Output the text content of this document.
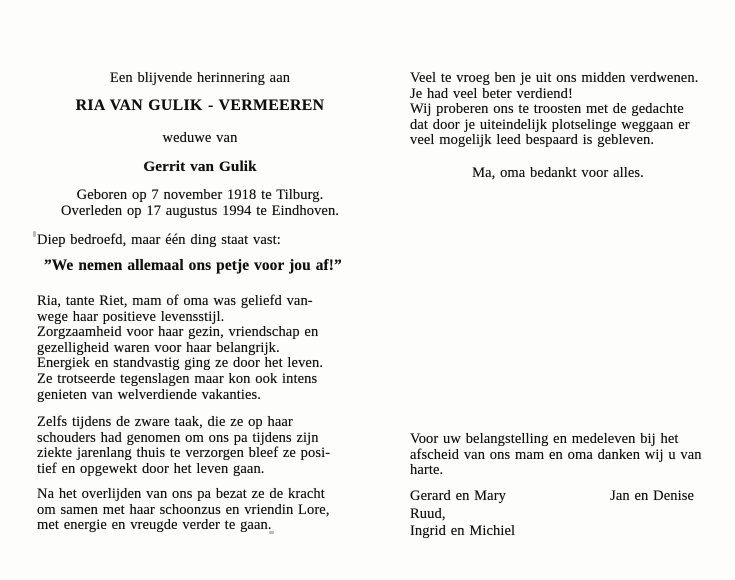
Een blijvende herinnering aan
RIA VAN GULIK - VERMEEREN
weduwe van
Gerrit van Gulik
Geboren op 7 november 1918 te Tilburg.
Overleden op 17 augustus 1994 te Eindhoven.
Diep bedroefd, maar één ding staat vast:
”We nemen allemaal ons petje voor jou af!”
Ria, tante Riet, mam of oma was geliefd van-
wege haar positieve levensstijl.
Zorgzaamheid voor haar gezin, vriendschap en
gezelligheid waren voor haar belangrijk.
Energiek en standvastig ging ze door het leven.
Ze trotseerde tegenslagen maar kon ook intens
genieten van welverdiende vakanties.
Zelfs tijdens de zware taak, die ze op haar
schouders had genomen om ons pa tijdens zijn
ziekte jarenlang thuis te verzorgen bleef ze posi-
tief en opgewekt door het leven gaan.
Na het overlijden van ons pa bezat ze de kracht
om samen met haar schoonzus en vriendin Lore,
met energie en vreugde verder te gaan.
Veel te vroeg ben je uit ons midden verdwenen.
Je had veel beter verdiend!
Wij proberen ons te troosten met de gedachte
dat door je uiteindelijk plotselinge weggaan er
veel mogelijk leed bespaard is gebleven.
Ma, oma bedankt voor alles.
Voor uw belangstelling en medeleven bij het
afscheid van ons mam en oma danken wij u van
harte.
Gerard en Mary	Jan en Denise
Ruud,
Ingrid en Michiel
